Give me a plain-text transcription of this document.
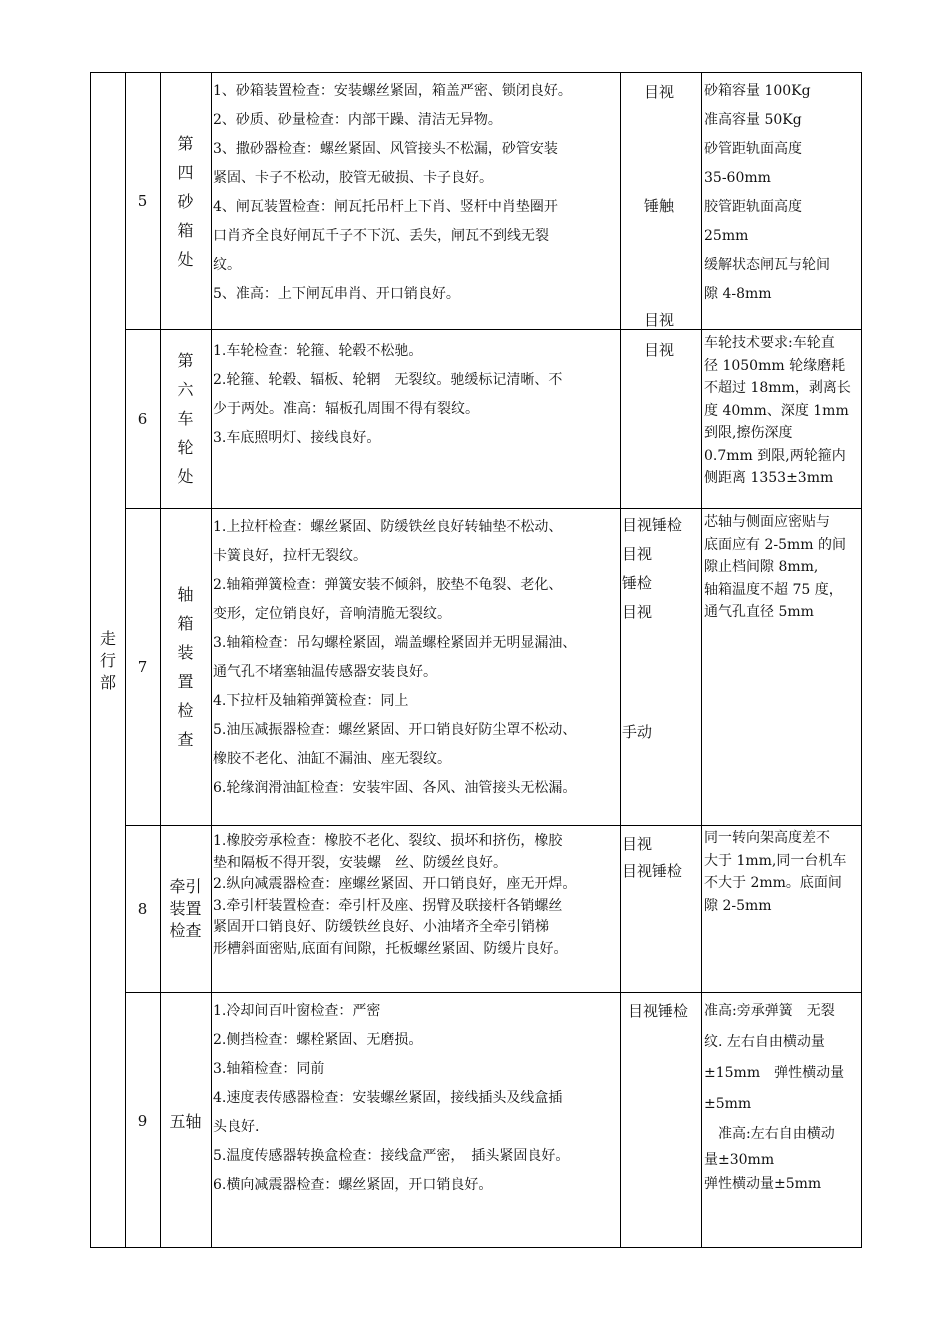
走行部
5
第四砂箱处
1、砂箱装置检查：安装螺丝紧固，箱盖严密、锁闭良好。
2、砂质、砂量检查：内部干躁、清洁无异物。
3、撒砂器检查：螺丝紧固、风管接头不松漏，砂管安装
紧固、卡子不松动，胶管无破损、卡子良好。
4、闸瓦装置检查：闸瓦托吊杆上下肖、竖杆中肖垫圈开
口肖齐全良好闸瓦千子不下沉、丢失，闸瓦不到线无裂
纹。
5、准高：上下闸瓦串肖、开口销良好。
目视
锤触
目视
砂箱容量 100Kg
准高容量 50Kg
砂管距轨面高度
35-60mm
胶管距轨面高度
25mm
缓解状态闸瓦与轮间
隙 4-8mm
6
第六车轮处
1.车轮检查：轮箍、轮毂不松驰。
2.轮箍、轮毂、辐板、轮辋　无裂纹。驰缓标记清晰、不
少于两处。准高：辐板孔周围不得有裂纹。
3.车底照明灯、接线良好。
目视 车轮技术要求:车轮直
径 1050mm 轮缘磨耗
不超过 18mm，剥离长
度 40mm、深度 1mm
到限,擦伤深度
0.7mm 到限,两轮箍内
侧距离 1353±3mm
7
轴箱装置检查
1.上拉杆检查：螺丝紧固、防缓铁丝良好转轴垫不松动、
卡簧良好，拉杆无裂纹。
2.轴箱弹簧检查：弹簧安装不倾斜，胶垫不龟裂、老化、
变形，定位销良好，音响清脆无裂纹。
3.轴箱检查：吊勾螺栓紧固，端盖螺栓紧固并无明显漏油、
通气孔不堵塞轴温传感器安装良好。
4.下拉杆及轴箱弹簧检查：同上
5.油压减振器检查：螺丝紧固、开口销良好防尘罩不松动、
橡胶不老化、油缸不漏油、座无裂纹。
6.轮缘润滑油缸检查：安装牢固、各风、油管接头无松漏。
目视锤检
目视
锤检
目视
手动
芯轴与侧面应密贴与
底面应有 2-5mm 的间
隙止档间隙 8mm,
轴箱温度不超 75 度，
通气孔直径 5mm
8
牵引
装置
检查
1.橡胶旁承检查：橡胶不老化、裂纹、损坏和挤伤，橡胶
垫和隔板不得开裂，安装螺　丝、防缓丝良好。
2.纵向减震器检查：座螺丝紧固、开口销良好，座无开焊。
3.牵引杆装置检查：牵引杆及座、拐臂及联接杆各销螺丝
紧固开口销良好、防缓铁丝良好、小油堵齐全牵引销梯
形槽斜面密贴,底面有间隙，托板螺丝紧固、防缓片良好。
目视
目视锤检
同一转向架高度差不
大于 1mm,同一台机车
不大于 2mm。底面间
隙 2-5mm
9	五轴
1.冷却间百叶窗检查：严密
2.侧挡检查：螺栓紧固、无磨损。
3.轴箱检查：同前
4.速度表传感器检查：安装螺丝紧固，接线插头及线盒插
头良好.
5.温度传感器转换盒检查：接线盒严密，　插头紧固良好。
6.横向减震器检查：螺丝紧固，开口销良好。
目视锤检 准高:旁承弹簧　无裂
纹. 左右自由横动量
±15mm　弹性横动量
±5mm
　准高:左右自由横动
量±30mm
弹性横动量±5mm
